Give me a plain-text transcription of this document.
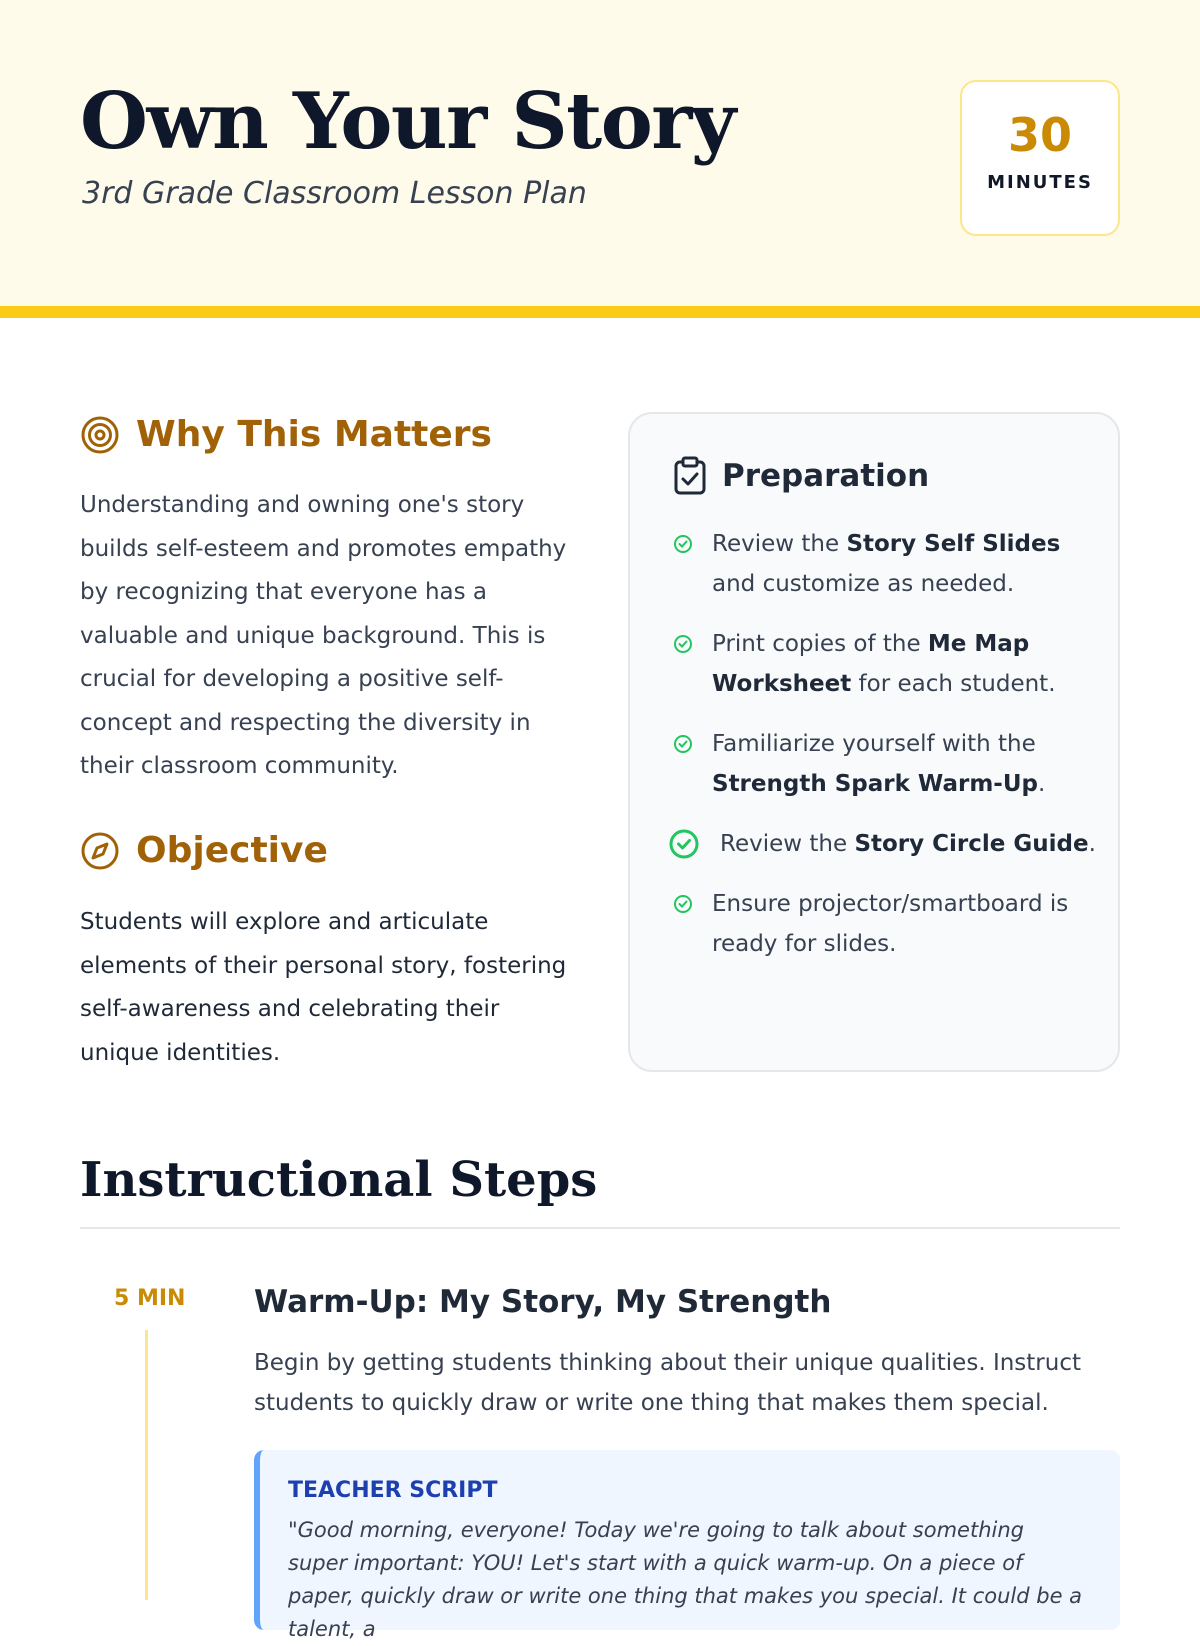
Own Your Story
3rd Grade Classroom Lesson Plan
30
MINUTES
Why This Matters

Understanding and owning one's story builds self-esteem and promotes empathy by recognizing that everyone has a valuable and unique background. This is crucial for developing a positive self-concept and respecting the diversity in their classroom community.

Objective

Students will explore and articulate elements of their personal story, fostering self-awareness and celebrating their unique identities.

Preparation
Review the Story Self Slides and customize as needed.
Print copies of the Me Map Worksheet for each student.
Familiarize yourself with the Strength Spark Warm-Up.
Review the Story Circle Guide.
Ensure projector/smartboard is ready for slides.
Instructional Steps
5 MIN Warm-Up: My Story, My Strength

Begin by getting students thinking about their unique qualities. Instruct students to quickly draw or write one thing that makes them special.

TEACHER SCRIPT

"Good morning, everyone! Today we're going to talk about something super important: YOU! Let's start with a quick warm-up. On a piece of paper, quickly draw or write one thing that makes you special. It could be a talent, a
